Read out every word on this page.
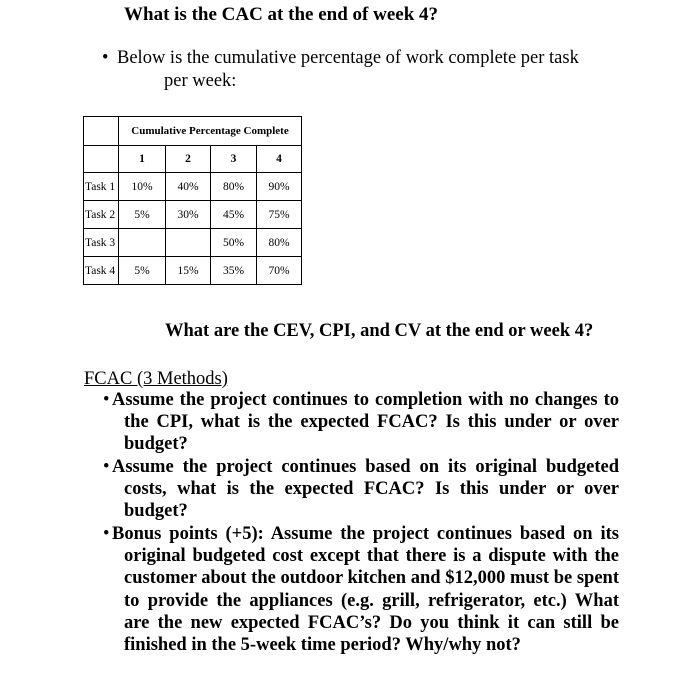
What is the CAC at the end of week 4?
• Below is the cumulative percentage of work complete per task
per week:
	Cumulative Percentage Complete			
	1	2	3	4
Task 1	10%	40%	80%	90%
Task 2	5%	30%	45%	75%
Task 3			50%	80%
Task 4	5%	15%	35%	70%
What are the CEV, CPI, and CV at the end or week 4?
FCAC (3 Methods)
• Assume the project continues to completion with no changes to the CPI, what is the expected FCAC? Is this under or over budget?
• Assume the project continues based on its original budgeted costs, what is the expected FCAC? Is this under or over budget?
• Bonus points (+5): Assume the project continues based on its original budgeted cost except that there is a dispute with the customer about the outdoor kitchen and $12,000 must be spent to provide the appliances (e.g. grill, refrigerator, etc.) What are the new expected FCAC’s? Do you think it can still be finished in the 5-week time period? Why/why not?
